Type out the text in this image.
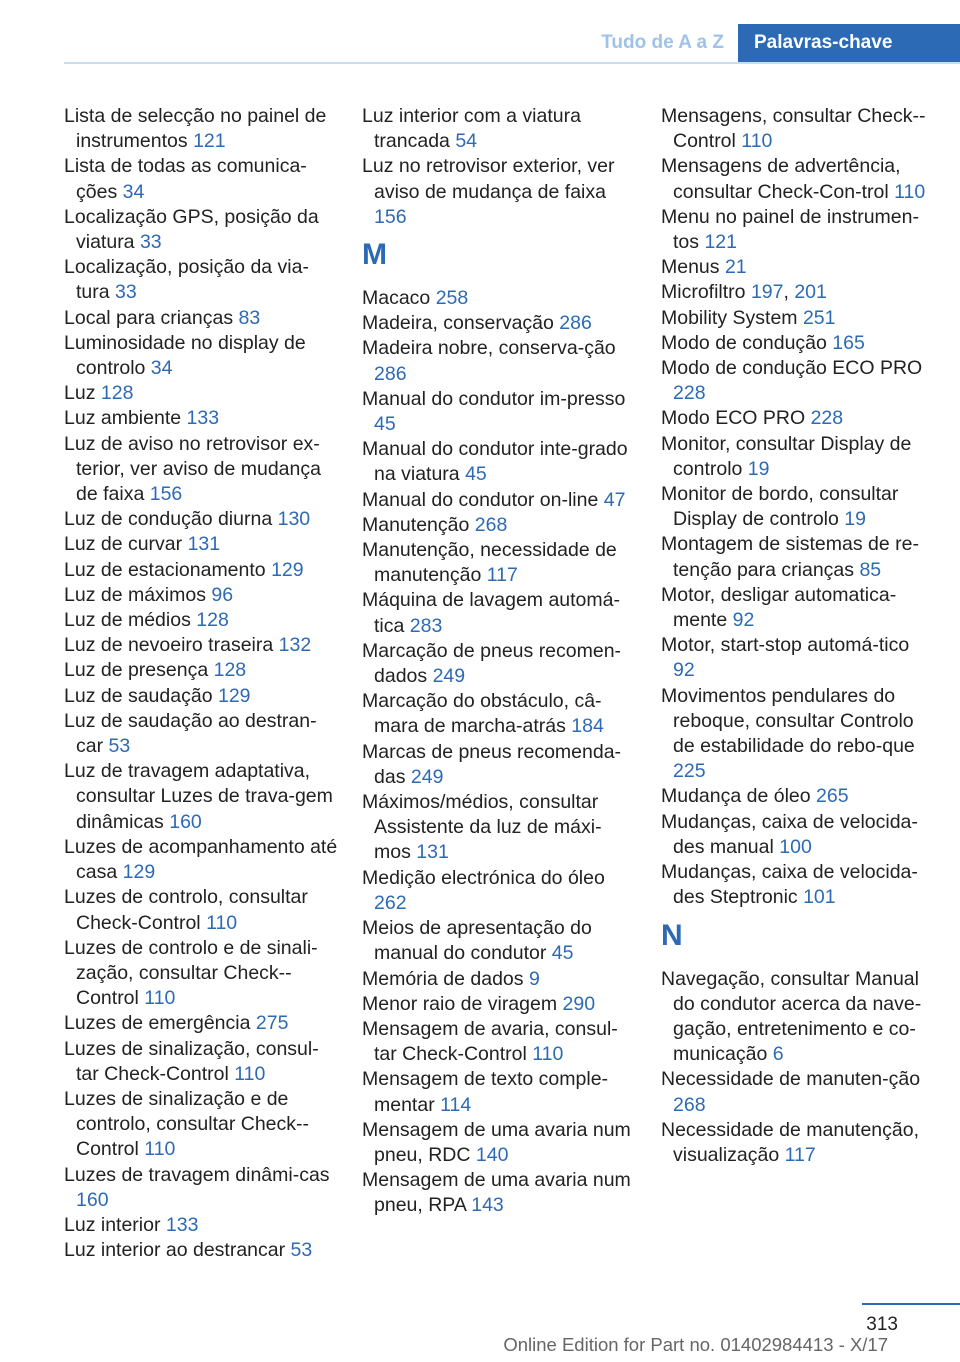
Tudo de A a Z	Palavras-chave
Lista de selecção no painel de instrumentos 121
Lista de todas as comunica-ções 34
Localização GPS, posição da viatura 33
Localização, posição da via-tura 33
Local para crianças 83
Luminosidade no display de controlo 34
Luz 128
Luz ambiente 133
Luz de aviso no retrovisor ex-terior, ver aviso de mudança de faixa 156
Luz de condução diurna 130
Luz de curvar 131
Luz de estacionamento 129
Luz de máximos 96
Luz de médios 128
Luz de nevoeiro traseira 132
Luz de presença 128
Luz de saudação 129
Luz de saudação ao destran-car 53
Luz de travagem adaptativa, consultar Luzes de trava-gem dinâmicas 160
Luzes de acompanhamento até casa 129
Luzes de controlo, consultar Check-Control 110
Luzes de controlo e de sinali-zação, consultar Check--Control 110
Luzes de emergência 275
Luzes de sinalização, consul-tar Check-Control 110
Luzes de sinalização e de controlo, consultar Check--Control 110
Luzes de travagem dinâmi-cas 160
Luz interior 133
Luz interior ao destrancar 53
Luz interior com a viatura trancada 54
Luz no retrovisor exterior, ver aviso de mudança de faixa 156
M
Macaco 258
Madeira, conservação 286
Madeira nobre, conserva-ção 286
Manual do condutor im-presso 45
Manual do condutor inte-grado na viatura 45
Manual do condutor on-line 47
Manutenção 268
Manutenção, necessidade de manutenção 117
Máquina de lavagem automá-tica 283
Marcação de pneus recomen-dados 249
Marcação do obstáculo, câ-mara de marcha-atrás 184
Marcas de pneus recomenda-das 249
Máximos/médios, consultar Assistente da luz de máxi-mos 131
Medição electrónica do óleo 262
Meios de apresentação do manual do condutor 45
Memória de dados 9
Menor raio de viragem 290
Mensagem de avaria, consul-tar Check-Control 110
Mensagem de texto comple-mentar 114
Mensagem de uma avaria num pneu, RDC 140
Mensagem de uma avaria num pneu, RPA 143
Mensagens, consultar Check--Control 110
Mensagens de advertência, consultar Check-Con-trol 110
Menu no painel de instrumen-tos 121
Menus 21
Microfiltro 197, 201
Mobility System 251
Modo de condução 165
Modo de condução ECO PRO 228
Modo ECO PRO 228
Monitor, consultar Display de controlo 19
Monitor de bordo, consultar Display de controlo 19
Montagem de sistemas de re-tenção para crianças 85
Motor, desligar automatica-mente 92
Motor, start-stop automá-tico 92
Movimentos pendulares do reboque, consultar Controlo de estabilidade do rebo-que 225
Mudança de óleo 265
Mudanças, caixa de velocida-des manual 100
Mudanças, caixa de velocida-des Steptronic 101
N
Navegação, consultar Manual do condutor acerca da nave-gação, entretenimento e co-municação 6
Necessidade de manuten-ção 268
Necessidade de manutenção, visualização 117
313
Online Edition for Part no. 01402984413 - X/17
